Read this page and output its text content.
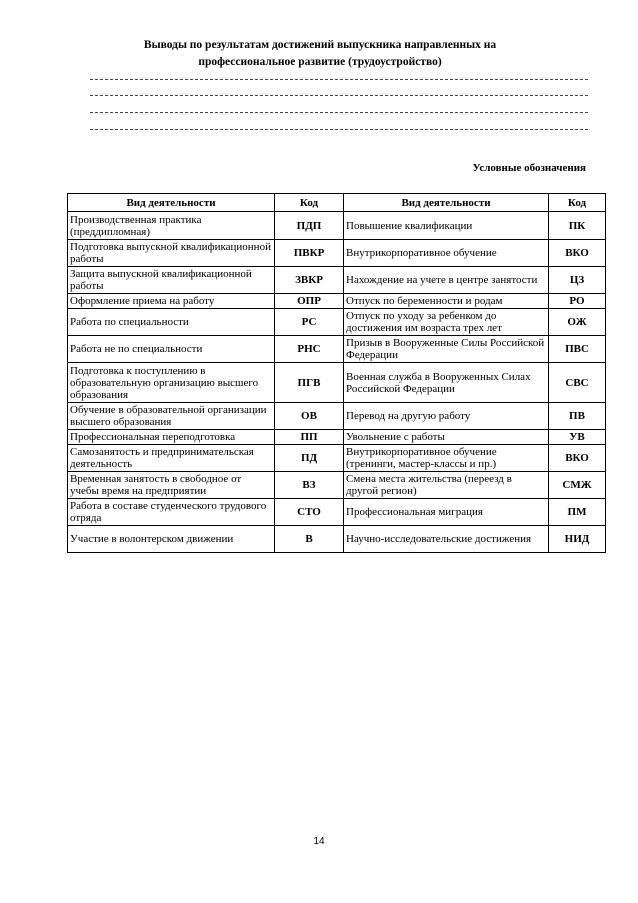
Выводы по результатам достижений выпускника направленных на
профессиональное развитие (трудоустройство)
Условные обозначения
Вид деятельности	Код	Вид деятельности	Код
Производственная практика (преддипломная)	ПДП	Повышение квалификации	ПК
Подготовка выпускной квалификационной работы	ПВКР	Внутрикорпоративное обучение	ВКО
Защита выпускной квалификационной работы	ЗВКР	Нахождение на учете в центре занятости	ЦЗ
Оформление приема на работу	ОПР	Отпуск по беременности и родам	РО
Работа по специальности	РС	Отпуск по уходу за ребенком до достижения им возраста трех лет	ОЖ
Работа не по специальности	РНС	Призыв в Вооруженные Силы Российской Федерации	ПВС
Подготовка к поступлению в образовательную организацию высшего образования	ПГВ	Военная служба в Вооруженных Силах Российской Федерации	СВС
Обучение в образовательной организации высшего образования	ОВ	Перевод на другую работу	ПВ
Профессиональная переподготовка	ПП	Увольнение с работы	УВ
Самозанятость и предпринимательская деятельность	ПД	Внутрикорпоративное обучение (тренинги, мастер-классы и пр.)	ВКО
Временная занятость в свободное от учебы время на предприятии	ВЗ	Смена места жительства (переезд в другой регион)	СМЖ
Работа в составе студенческого трудового отряда	СТО	Профессиональная миграция	ПМ
Участие в волонтерском движении	В	Научно-исследовательские достижения	НИД
14
